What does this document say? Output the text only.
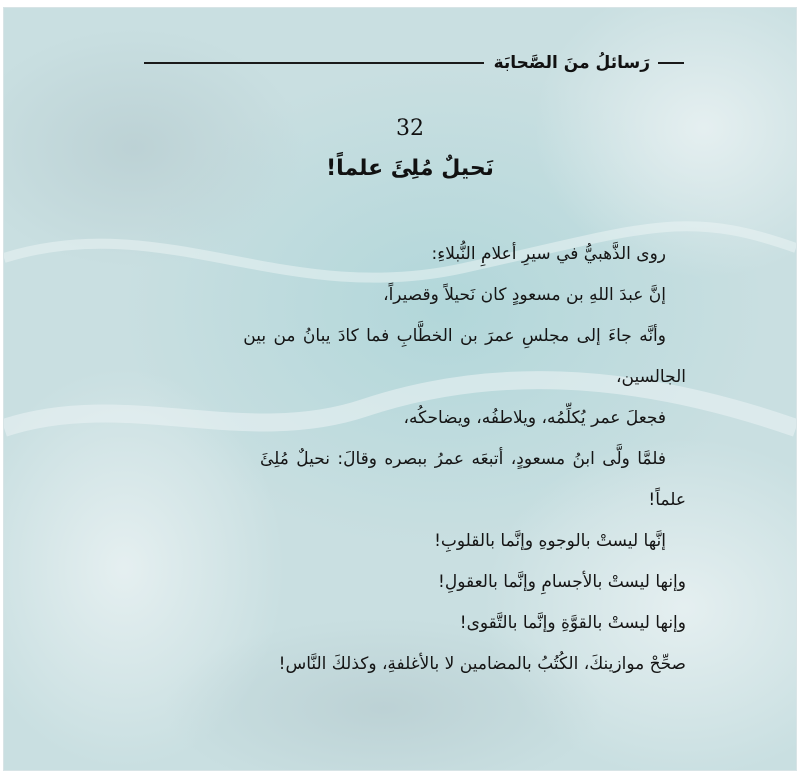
رَسائلُ منَ الصَّحابَة
32
نَحيلٌ مُلِئَ علماً!
روى الذَّهبيُّ في سيرِ أعلامِ النُّبلاءِ:
إنَّ عبدَ اللهِ بن مسعودٍ كان نَحيلاً وقصيراً،
وأنَّه جاءَ إلى مجلسِ عمرَ بن الخطَّابِ فما كادَ يبانُ من بين
الجالسين،
فجعلَ عمر يُكلِّمُه، ويلاطفُه، ويضاحكُه،
فلمَّا ولَّى ابنُ مسعودٍ، أتبعَه عمرُ ببصره وقالَ: نحيلٌ مُلِئَ
علماً!
إنَّها ليستْ بالوجوهِ وإنَّما بالقلوبِ!
وإنها ليستْ بالأجسامِ وإنَّما بالعقولِ!
وإنها ليستْ بالقوَّةِ وإنَّما بالتَّقوى!
صحِّحْ موازينكَ، الكُتُبُ بالمضامين لا بالأغلفةِ، وكذلكَ النَّاس!
